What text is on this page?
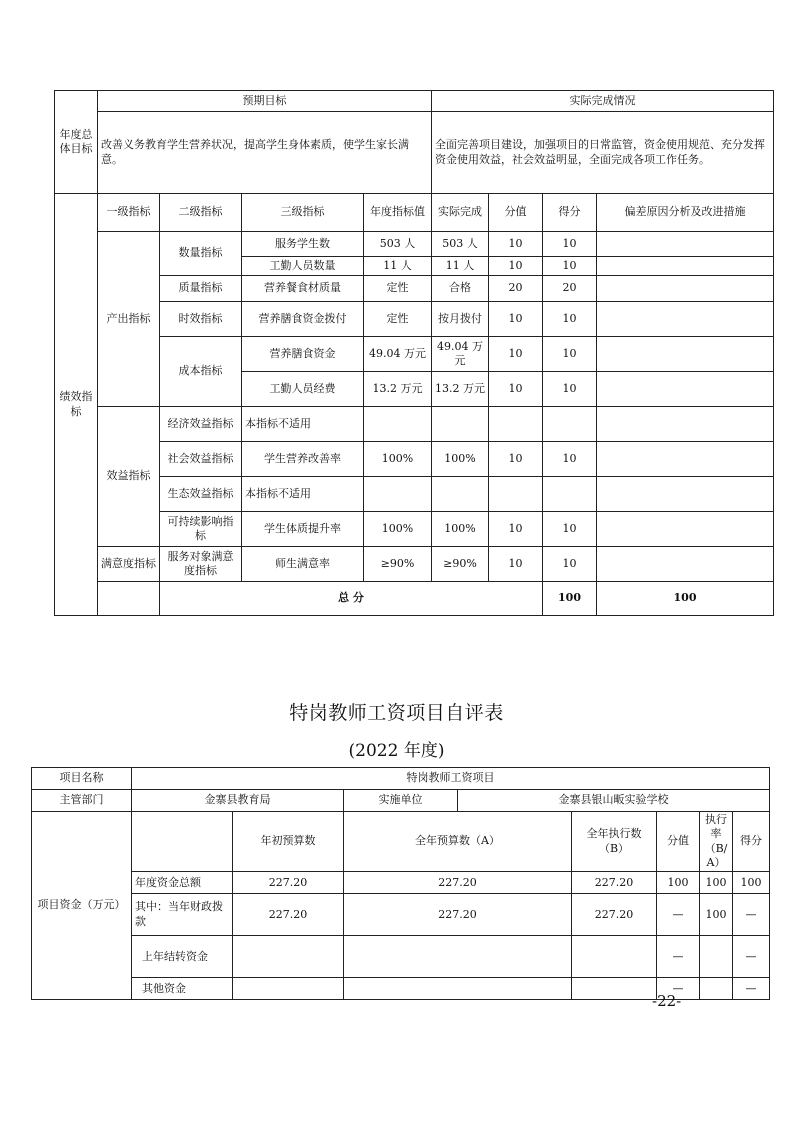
年度总体目标	预期目标				实际完成情况				
	改善义务教育学生营养状况，提高学生身体素质，使学生家长满意。				全面完善项目建设，加强项目的日常监管，资金使用规范、充分发挥资金使用效益，社会效益明显，全面完成各项工作任务。				
绩效指标	一级指标	二级指标	三级指标	年度指标值	实际完成	分值	得分	偏差原因分析及改进措施	
	产出指标	数量指标	服务学生数	503 人	503 人	10	10		
			工勤人员数量	11 人	11 人	10	10		
		质量指标	营养餐食材质量	定性	合格	20	20		
		时效指标	营养膳食资金拨付	定性	按月拨付	10	10		
		成本指标	营养膳食资金	49.04 万元	49.04 万元	10	10		
			工勤人员经费	13.2 万元	13.2 万元	10	10		
	效益指标	经济效益指标	本指标不适用						
		社会效益指标	学生营养改善率	100%	100%	10	10		
		生态效益指标	本指标不适用						
		可持续影响指标	学生体质提升率	100%	100%	10	10		
	满意度指标	服务对象满意度指标	师生满意率	≥90%	≥90%	10	10		
		总 分					100	100	
特岗教师工资项目自评表
(2022 年度)
项目名称	特岗教师工资项目							
主管部门	金寨县教育局		实施单位	金寨县银山畈实验学校				
项目资金（万元）		年初预算数	全年预算数（A）		全年执行数（B）	分值	执行率（B/A）	得分
	年度资金总额	227.20	227.20		227.20	100	100	100
	其中：当年财政拨款	227.20	227.20		227.20	—	100	—
	上年结转资金					—		—
	其他资金					—		—
-22-
